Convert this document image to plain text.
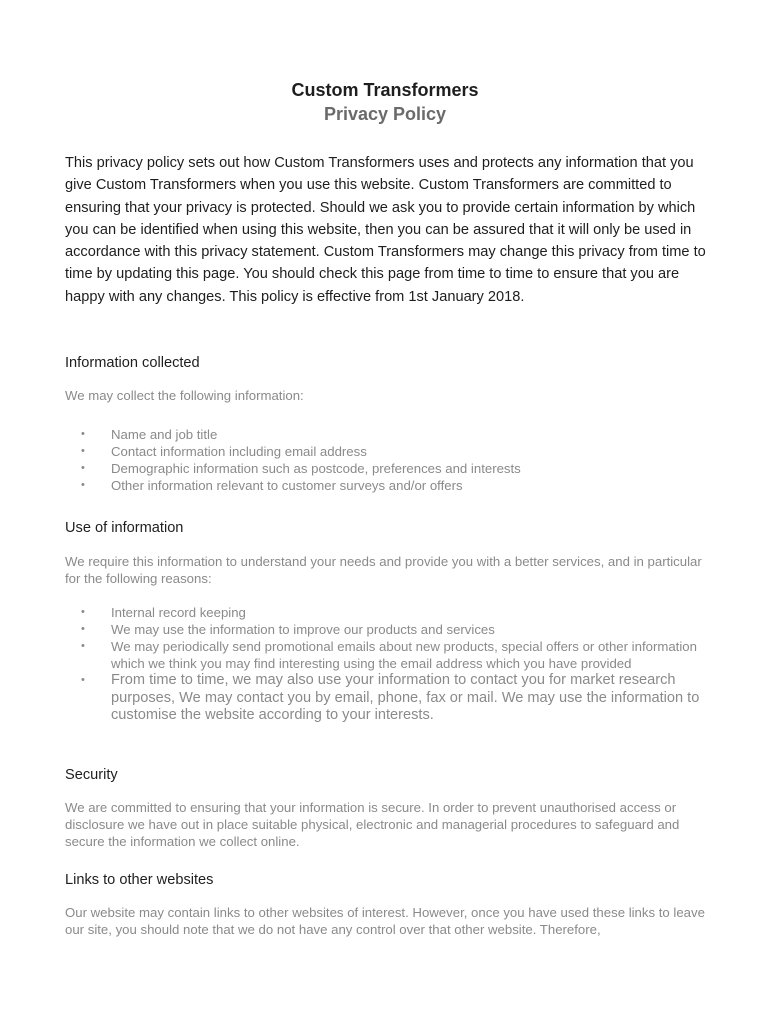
Custom Transformers
Privacy Policy

This privacy policy sets out how Custom Transformers uses and protects any information that you give Custom Transformers when you use this website. Custom Transformers are committed to ensuring that your privacy is protected. Should we ask you to provide certain information by which you can be identified when using this website, then you can be assured that it will only be used in accordance with this privacy statement. Custom Transformers may change this privacy from time to time by updating this page. You should check this page from time to time to ensure that you are happy with any changes. This policy is effective from 1st January 2018.

Information collected

We may collect the following information:

• Name and job title
• Contact information including email address
• Demographic information such as postcode, preferences and interests
• Other information relevant to customer surveys and/or offers

Use of information

We require this information to understand your needs and provide you with a better services, and in particular for the following reasons:

• Internal record keeping
• We may use the information to improve our products and services
• We may periodically send promotional emails about new products, special offers or other information which we think you may find interesting using the email address which you have provided
• From time to time, we may also use your information to contact you for market research purposes, We may contact you by email, phone, fax or mail. We may use the information to customise the website according to your interests.

Security

We are committed to ensuring that your information is secure. In order to prevent unauthorised access or disclosure we have out in place suitable physical, electronic and managerial procedures to safeguard and secure the information we collect online.

Links to other websites

Our website may contain links to other websites of interest. However, once you have used these links to leave our site, you should note that we do not have any control over that other website. Therefore,
